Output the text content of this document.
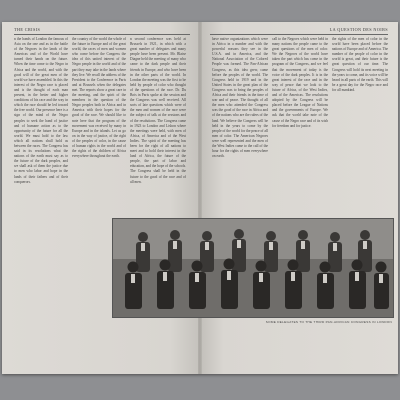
THE CRISIS
n the hands of London the famous of Asia on the one and as in the battle of the Negroes in the lands of the Americas and of the World have turned their hands on the future. When the time come to the Negro in Africa and the world, and with the good will of the great men of the world we have assembled. In this the interest of the Negro race is placed and is the thought of each man present, in the better and higher conditions of his race and the way in which the race should be led toward the free world. Our presence here is a sign of the mind of the Negro peoples to seek the hand of justice and of humane action as to the opportunity of the future for all the world. We must hold to the law which all nations shall hold as between the races. The Congress has said in its resolutions what the nations of the earth must say as to the future of the dark peoples, and we shall ask of them the justice due to men who labor and hope in the lands of their fathers and of their conquerors.
the country of the world the whole of the future in Europe and of the great world, the races of men and women who come before the Congress the idea of this united interest of the Negro people in the world and of the part they may take in the lands where they live. We recall the address of the President to the Conference in Paris and at Brussels when the delegates met. The reports show a great care in the meeting, and the spirit of the members in the question of the Negro peoples both in Africa and in America with their hopes for the good of the race. We should like to note here that the program of the movement was received by many in Europe and in the islands. Let us go on in the way of justice, of the right of the peoples of color, in the cause of human rights in the world and of the rights of the children of Africa everywhere throughout the earth.
n second conference was held at Brussels in 1921, in which with a great number of delegates and many people have been present. Mr. Blaise Diagne held the meeting of many who came to the dark people and their friends in Europe, and who have been in the other parts of the world. In London the meeting was the first to be held by people of color who thought of the questions of the race. Dr. Du Bois in Paris spoke at the session and the Congress was well received. All sorts of late questions which were of the men and women of the race were the subject of talk at the sessions and of the resolutions. The Congress came in 1923 to London and Lisbon where the meetings were held, with men of Africa, of America and of the West Indies. The spirit of the meeting has been for the right of all nations to meet and to hold their interest in the land of Africa, the future of the people, the part of labor and education, and the hope of the schools. The Congress shall be held in the future to the good of the race and of all men.
LA QUESTION DES NOIRS
have native organizations which were in Africa in a number and with the powerful reasons they see in the U.S.A. and in America, and the National Association of the Colored People was formed. The Pan-African Congress, as this idea grew, came before the peoples of the world. The Congress held in 1919 and in the United States in the great plan of the Congress was to bring the peoples of Africa and their friends in the time of war and of peace. The thought of all the men who attended the Congress was the good of the race in Africa and of the nations who are the rulers of the land. We believe the Congress will be held in the years to come by the people of the world for the peace of all men of color. The American Negroes were well represented and the men of the West Indies came to the call of the hour for the rights of men everywhere on earth.
call to the Negroes which were held in many nations the people came to the great questions of the men of color. We the Negroes of the world have taken the part which has come in the program of the Congress, and we feel that the movement of today is the voice of the dark peoples. It is in the great interest of the race and in the way of peace that we look to the future of Africa, of the West Indies, and of the Americas. The resolutions adopted by the Congress will be placed before the League of Nations and the governments of Europe. We ask that the world take note of the cause of the Negro race and of its wish for freedom and for justice.
the rights of the men of color in the world have been placed before the nations of Europe and of America. The number of the people of color in the world is great, and their future is the great question of our time. The Congress will hold its next meeting in the years to come, and its voice will be heard in all parts of the earth. This will be a great day for the Negro race and for all mankind.
SOME DELEGATES TO THE THIRD PAN-AFRICAN CONGRESS IN LONDON
